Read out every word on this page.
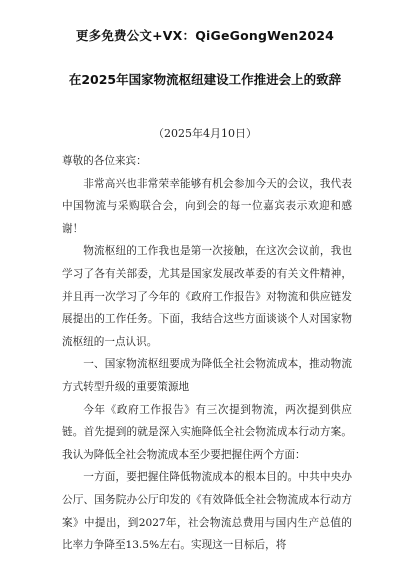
更多免费公文+VX：QiGeGongWen2024
在2025年国家物流枢纽建设工作推进会上的致辞
（2025年4月10日）

尊敬的各位来宾：

非常高兴也非常荣幸能够有机会参加今天的会议，我代表中国物流与采购联合会，向到会的每一位嘉宾表示欢迎和感谢！

物流枢纽的工作我也是第一次接触，在这次会议前，我也学习了各有关部委，尤其是国家发展改革委的有关文件精神，并且再一次学习了今年的《政府工作报告》对物流和供应链发展提出的工作任务。下面，我结合这些方面谈谈个人对国家物流枢纽的一点认识。

一、国家物流枢纽要成为降低全社会物流成本，推动物流方式转型升级的重要策源地

今年《政府工作报告》有三次提到物流，两次提到供应链。首先提到的就是深入实施降低全社会物流成本行动方案。我认为降低全社会物流成本至少要把握住两个方面：

一方面，要把握住降低物流成本的根本目的。中共中央办公厅、国务院办公厅印发的《有效降低全社会物流成本行动方案》中提出，到2027年，社会物流总费用与国内生产总值的比率力争降至13.5%左右。实现这一目标后，将
